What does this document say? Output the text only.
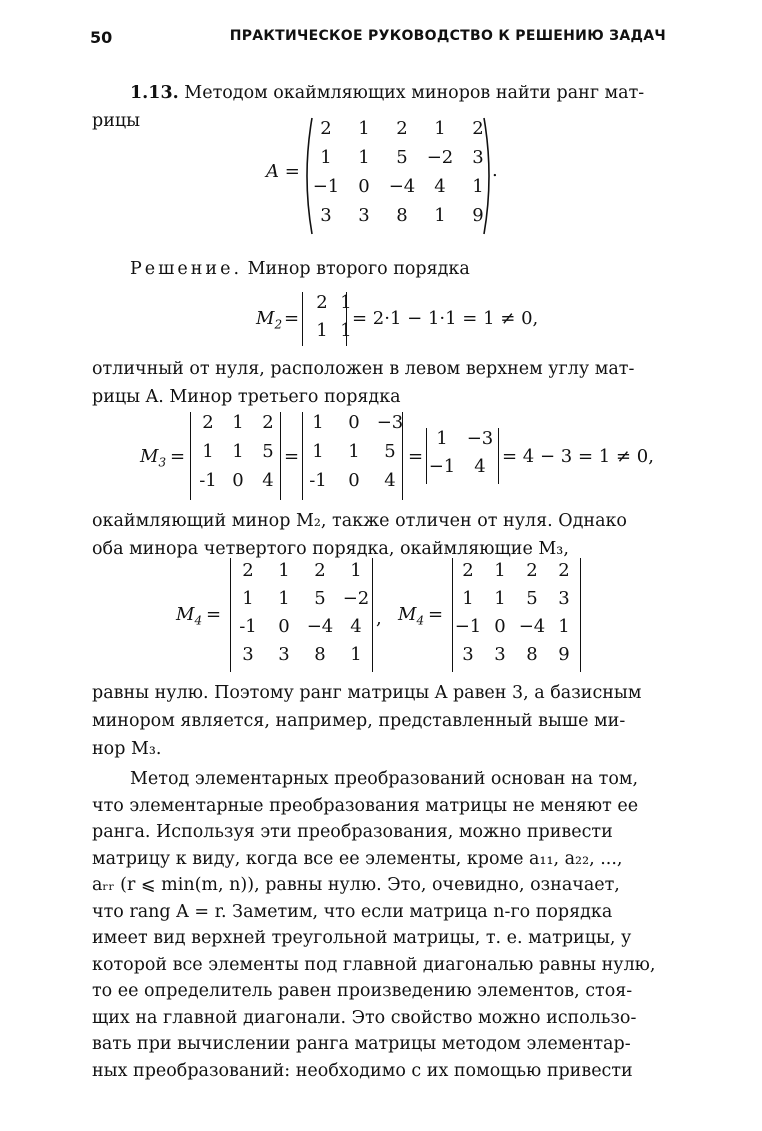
50	ПРАКТИЧЕСКОЕ РУКОВОДСТВО К РЕШЕНИЮ ЗАДАЧ
1.13. Методом окаймляющих миноров найти ранг мат-
рицы
A =	.
2	1	2	1	2
1	1	5	−2	3
−1	0	−4	4	1
3	3	8	1	9
Решение. Минор второго порядка
$M_2$ =
2 1
1 1
= 2·1 − 1·1 = 1 ≠ 0,
отличный от нуля, расположен в левом верхнем углу мат-
рицы A. Минор третьего порядка
$M_3$ =	=	=	= 4 − 3 = 1 ≠ 0,
2	1	2
1	1	5
-1 0	4
1	0 −3
1	1	5
-1	0	4
1	−3
−1	4
окаймляющий минор M₂, также отличен от нуля. Однако
оба минора четвертого порядка, окаймляющие M₃,
$M_4$ =	, $M_4$ =
2	1	2	1
1	1	5 −2
-1	0 −4 4
3	3	8	1
2	1	2	2
1	1	5	3
−1 0 −4 1
3	3	8	9
равны нулю. Поэтому ранг матрицы A равен 3, а базисным
минором является, например, представленный выше ми-
нор M₃.
Метод элементарных преобразований основан на том,
что элементарные преобразования матрицы не меняют ее
ранга. Используя эти преобразования, можно привести
матрицу к виду, когда все ее элементы, кроме a₁₁, a₂₂, ...,
aᵣᵣ (r ⩽ min(m, n)), равны нулю. Это, очевидно, означает,
что rang A = r. Заметим, что если матрица n-го порядка
имеет вид верхней треугольной матрицы, т. е. матрицы, у
которой все элементы под главной диагональю равны нулю,
то ее определитель равен произведению элементов, стоя-
щих на главной диагонали. Это свойство можно использо-
вать при вычислении ранга матрицы методом элементар-
ных преобразований: необходимо с их помощью привести
